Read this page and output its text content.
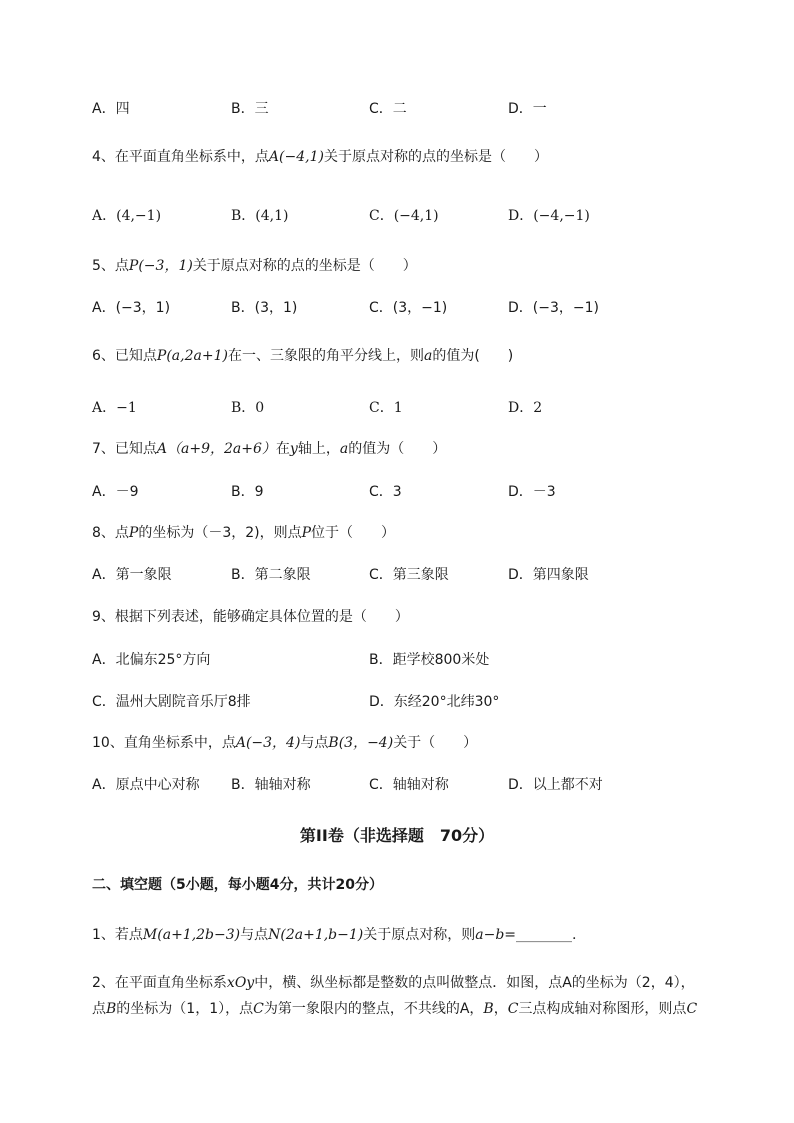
A．四	B．三	C．二	D．一
4、在平面直角坐标系中，点A(−4,1)关于原点对称的点的坐标是（　　）
A．(4,−1)	B．(4,1)	C．(−4,1)	D．(−4,−1)
5、点P(−3，1)关于原点对称的点的坐标是（　　）
A．(−3，1)	B．(3，1)	C．(3，−1)	D．(−3，−1)
6、已知点P(a,2a+1)在一、三象限的角平分线上，则a的值为(　　)
A．−1	B．0	C．1	D．2
7、已知点A（a+9，2a+6）在y轴上，a的值为（　　）
A．－9	B．9	C．3	D．－3
8、点P的坐标为（－3，2)，则点P位于（　　）
A．第一象限	B．第二象限	C．第三象限	D．第四象限
9、根据下列表述，能够确定具体位置的是（　　）
A．北偏东25°方向	B．距学校800米处
C．温州大剧院音乐厅8排	D．东经20°北纬30°
10、直角坐标系中，点A(−3，4)与点B(3，−4)关于（　　）
A．原点中心对称 B．轴轴对称	C．轴轴对称	D．以上都不对
第II卷（非选择题　70分）
二、填空题（5小题，每小题4分，共计20分）
1、若点M(a+1,2b−3)与点N(2a+1,b−1)关于原点对称，则a−b=________.
2、在平面直角坐标系xOy中，横、纵坐标都是整数的点叫做整点．如图，点A的坐标为（2，4），
点B的坐标为（1，1），点C为第一象限内的整点，不共线的A，B，C三点构成轴对称图形，则点C
